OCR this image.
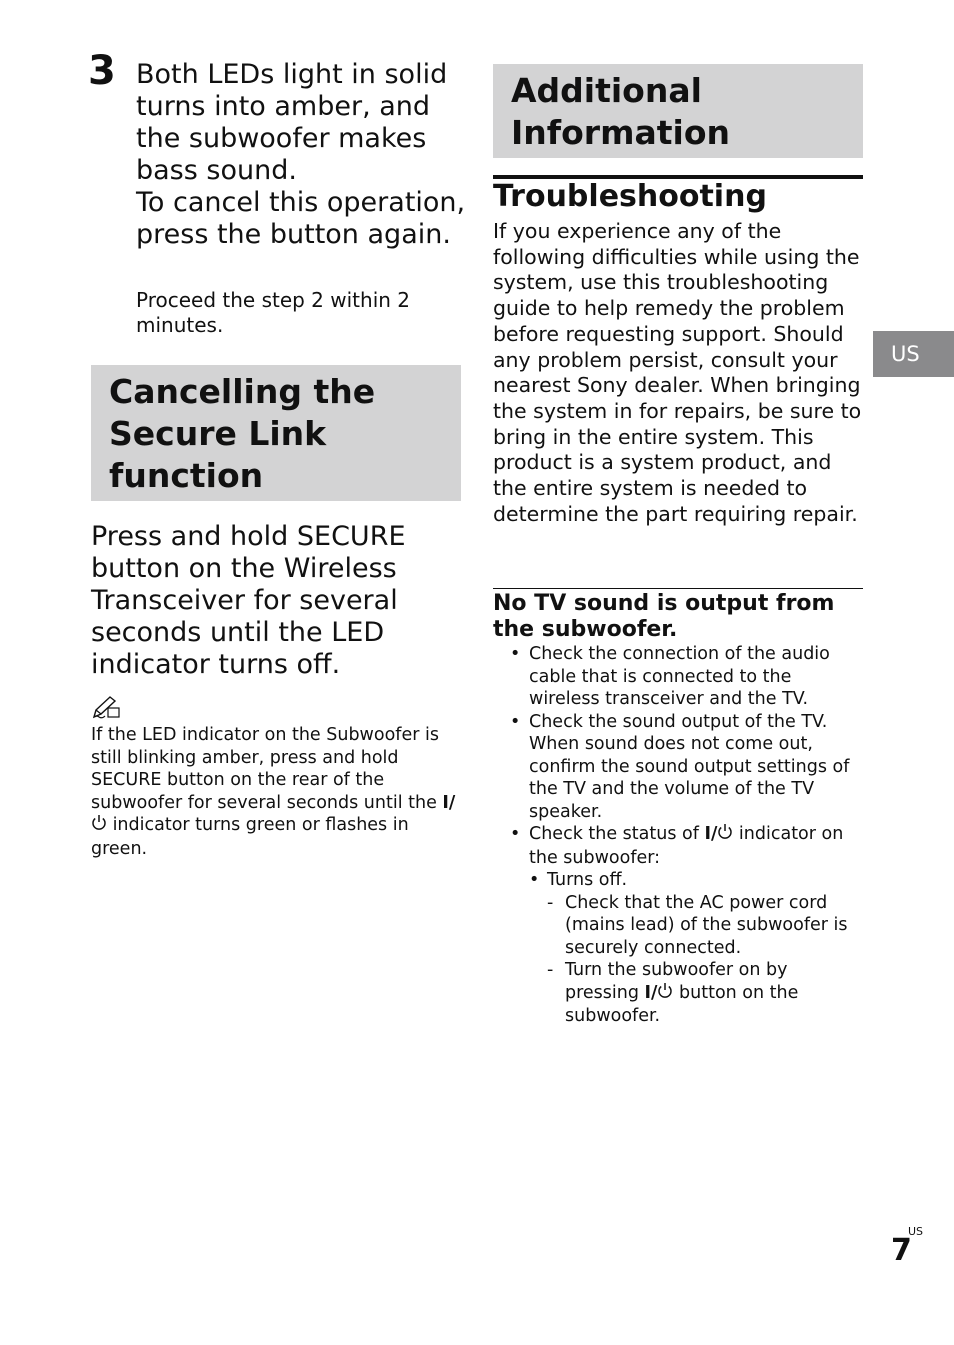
3 Both LEDs light in solid turns into amber, and the subwoofer makes bass sound.

To cancel this operation, press the button again.

Proceed the step 2 within 2 minutes.
Cancelling the Secure Link function
Press and hold SECURE button on the Wireless Transceiver for several seconds until the LED indicator turns off.
If the LED indicator on the Subwoofer is still blinking amber, press and hold SECURE button on the rear of the subwoofer for several seconds until the I/ indicator turns green or flashes in green.
Additional Information
Troubleshooting
If you experience any of the following difficulties while using the system, use this troubleshooting guide to help remedy the problem before requesting support. Should any problem persist, consult your nearest Sony dealer. When bringing the system in for repairs, be sure to bring in the entire system. This product is a system product, and the entire system is needed to determine the part requiring repair.
No TV sound is output from the subwoofer.
• Check the connection of the audio cable that is connected to the wireless transceiver and the TV.
• Check the sound output of the TV. When sound does not come out, confirm the sound output settings of the TV and the volume of the TV speaker.
• Check the status of I/ indicator on the subwoofer:
• Turns off.
- Check that the AC power cord (mains lead) of the subwoofer is securely connected.
- Turn the subwoofer on by pressing I/ button on the subwoofer.
US
US
7
